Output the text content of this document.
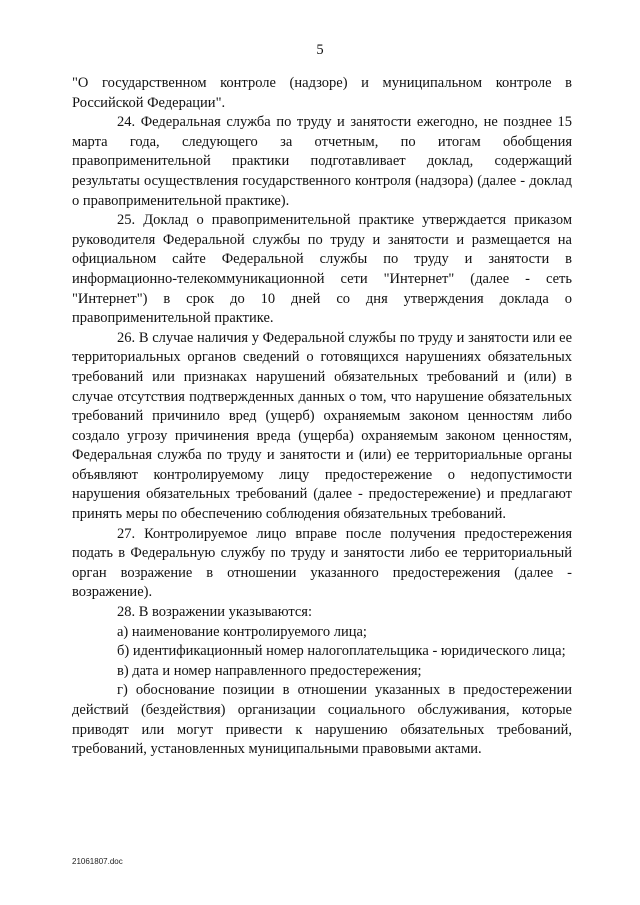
5

"О государственном контроле (надзоре) и муниципальном контроле в Российской Федерации".

24. Федеральная служба по труду и занятости ежегодно, не позднее 15 марта года, следующего за отчетным, по итогам обобщения правоприменительной практики подготавливает доклад, содержащий результаты осуществления государственного контроля (надзора) (далее - доклад о правоприменительной практике).

25. Доклад о правоприменительной практике утверждается приказом руководителя Федеральной службы по труду и занятости и размещается на официальном сайте Федеральной службы по труду и занятости в информационно-телекоммуникационной сети "Интернет" (далее - сеть "Интернет") в срок до 10 дней со дня утверждения доклада о правоприменительной практике.

26. В случае наличия у Федеральной службы по труду и занятости или ее территориальных органов сведений о готовящихся нарушениях обязательных требований или признаках нарушений обязательных требований и (или) в случае отсутствия подтвержденных данных о том, что нарушение обязательных требований причинило вред (ущерб) охраняемым законом ценностям либо создало угрозу причинения вреда (ущерба) охраняемым законом ценностям, Федеральная служба по труду и занятости и (или) ее территориальные органы объявляют контролируемому лицу предостережение о недопустимости нарушения обязательных требований (далее - предостережение) и предлагают принять меры по обеспечению соблюдения обязательных требований.

27. Контролируемое лицо вправе после получения предостережения подать в Федеральную службу по труду и занятости либо ее территориальный орган возражение в отношении указанного предостережения (далее - возражение).

28. В возражении указываются:

а) наименование контролируемого лица;

б) идентификационный номер налогоплательщика - юридического лица;

в) дата и номер направленного предостережения;

г) обоснование позиции в отношении указанных в предостережении действий (бездействия) организации социального обслуживания, которые приводят или могут привести к нарушению обязательных требований, требований, установленных муниципальными правовыми актами.

21061807.doc
